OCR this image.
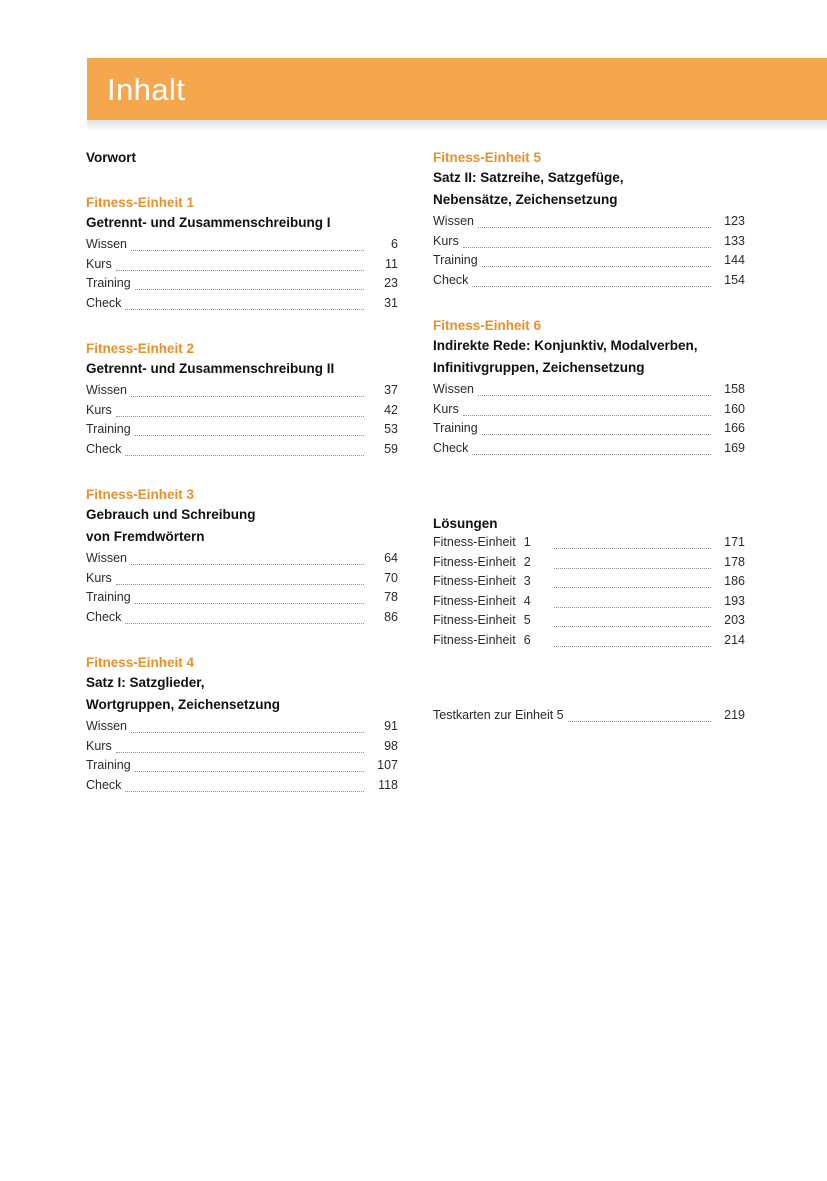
Inhalt
Vorwort
Fitness-Einheit 1
Getrennt- und Zusammenschreibung I
Wissen	6
Kurs	11
Training	23
Check	31
Fitness-Einheit 2
Getrennt- und Zusammenschreibung II
Wissen	37
Kurs	42
Training	53
Check	59
Fitness-Einheit 3
Gebrauch und Schreibung
von Fremdwörtern
Wissen	64
Kurs	70
Training	78
Check	86
Fitness-Einheit 4
Satz I: Satzglieder,
Wortgruppen, Zeichensetzung
Wissen	91
Kurs	98
Training	107
Check	118
Fitness-Einheit 5
Satz II: Satzreihe, Satzgefüge,
Nebensätze, Zeichensetzung
Wissen	123
Kurs	133
Training	144
Check	154
Fitness-Einheit 6
Indirekte Rede: Konjunktiv, Modalverben,
Infinitivgruppen, Zeichensetzung
Wissen	158
Kurs	160
Training	166
Check	169
Lösungen
Fitness-Einheit 1	171
Fitness-Einheit 2	178
Fitness-Einheit 3	186
Fitness-Einheit 4	193
Fitness-Einheit 5	203
Fitness-Einheit 6	214
Testkarten zur Einheit 5	219
